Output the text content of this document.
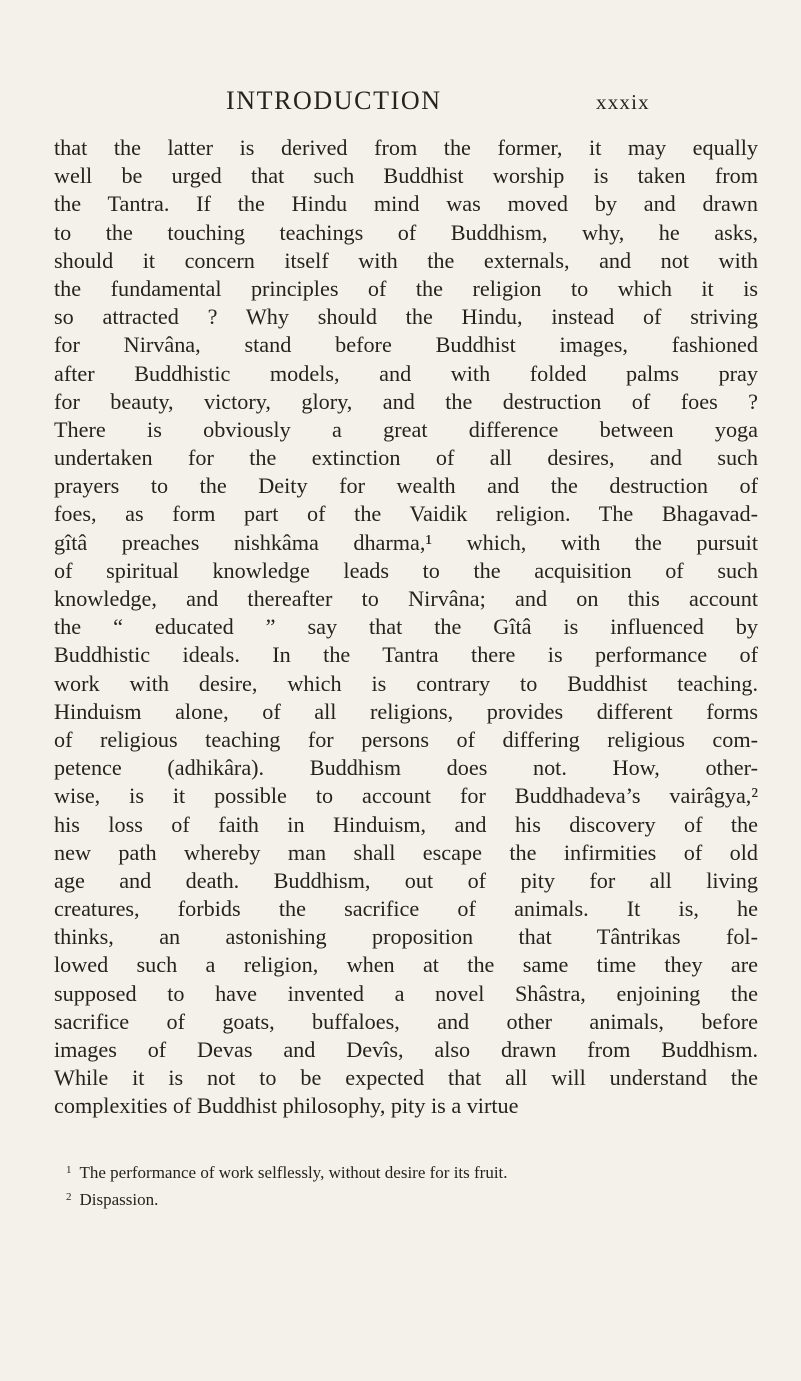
INTRODUCTION	xxxix
that the latter is derived from the former, it may equally
well be urged that such Buddhist worship is taken from
the Tantra. If the Hindu mind was moved by and drawn
to the touching teachings of Buddhism, why, he asks,
should it concern itself with the externals, and not with
the fundamental principles of the religion to which it is
so attracted ? Why should the Hindu, instead of striving
for Nirvâna, stand before Buddhist images, fashioned
after Buddhistic models, and with folded palms pray
for beauty, victory, glory, and the destruction of foes ?
There is obviously a great difference between yoga
undertaken for the extinction of all desires, and such
prayers to the Deity for wealth and the destruction of
foes, as form part of the Vaidik religion. The Bhagavad-
gîtâ preaches nishkâma dharma,¹ which, with the pursuit
of spiritual knowledge leads to the acquisition of such
knowledge, and thereafter to Nirvâna; and on this account
the “ educated ” say that the Gîtâ is influenced by
Buddhistic ideals. In the Tantra there is performance of
work with desire, which is contrary to Buddhist teaching.
Hinduism alone, of all religions, provides different forms
of religious teaching for persons of differing religious com-
petence (adhikâra). Buddhism does not. How, other-
wise, is it possible to account for Buddhadeva’s vairâgya,²
his loss of faith in Hinduism, and his discovery of the
new path whereby man shall escape the infirmities of old
age and death. Buddhism, out of pity for all living
creatures, forbids the sacrifice of animals. It is, he
thinks, an astonishing proposition that Tântrikas fol-
lowed such a religion, when at the same time they are
supposed to have invented a novel Shâstra, enjoining the
sacrifice of goats, buffaloes, and other animals, before
images of Devas and Devîs, also drawn from Buddhism.
While it is not to be expected that all will understand the
complexities of Buddhist philosophy, pity is a virtue
$^1$ The performance of work selflessly, without desire for its fruit.
$^2$ Dispassion.
